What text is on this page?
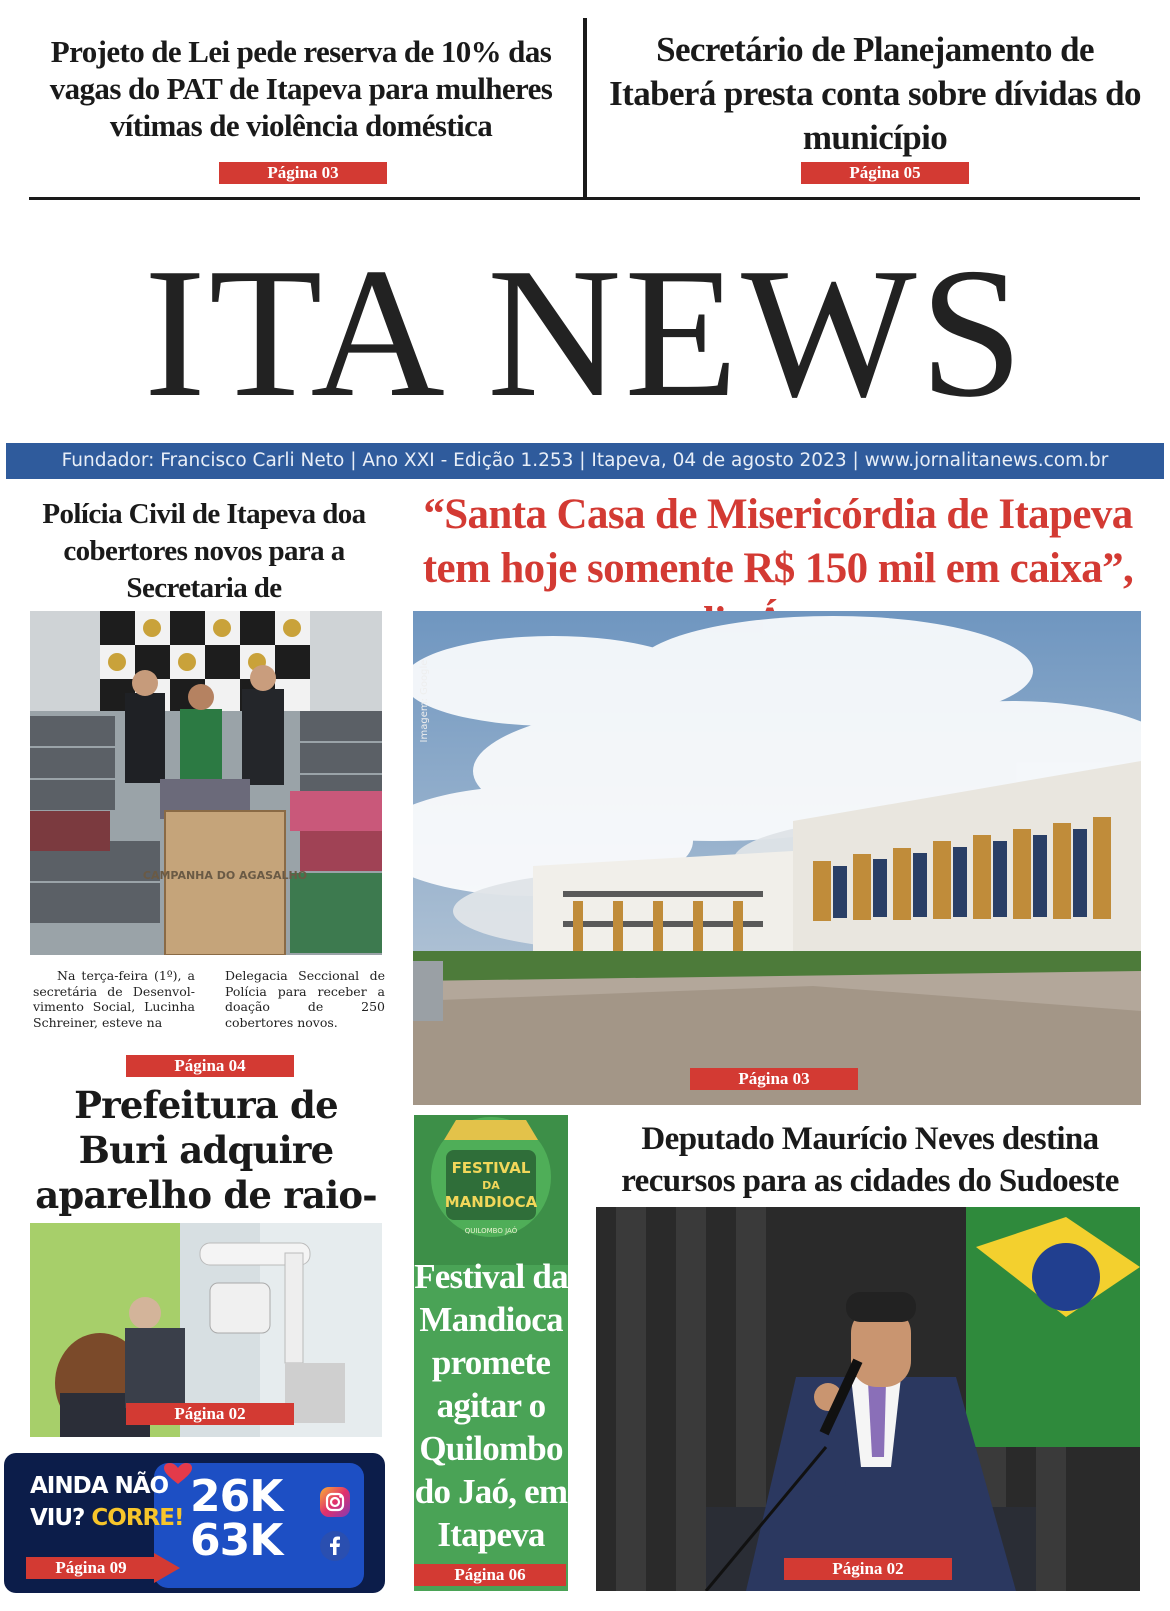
Projeto de Lei pede reserva de 10% das vagas do PAT de Itapeva para mulheres vítimas de violência doméstica
Página 03
Secretário de Planejamento de Itaberá presta conta sobre dívidas do município
Página 05
ITA NEWS
Fundador: Francisco Carli Neto | Ano XXI - Edição 1.253 | Itapeva, 04 de agosto 2023 | www.jornalitanews.com.br
Polícia Civil de Itapeva doa cobertores novos para a Secretaria de
CAMPANHA DO AGASALHO
Na terça-feira (1º), a secretária de Desenvol-vimento Social, Lucinha Schreiner, esteve na
Delegacia Seccional de Polícia para receber a doação de 250 cobertores novos.
Página 04
“Santa Casa de Misericórdia de Itapeva tem hoje somente R$ 150 mil em caixa”,
Imagem: Google
Página 03
Prefeitura de Buri adquire aparelho de raio-
Página 02
FESTIVAL
DA
MANDIOCA
QUILOMBO JAÓ
Festival da Mandioca promete agitar o Quilombo do Jaó, em Itapeva
Página 06
Deputado Maurício Neves destina recursos para as cidades do Sudoeste
Página 02
AINDA NÃO
VIU? CORRE! 26K
63K
Página 09
